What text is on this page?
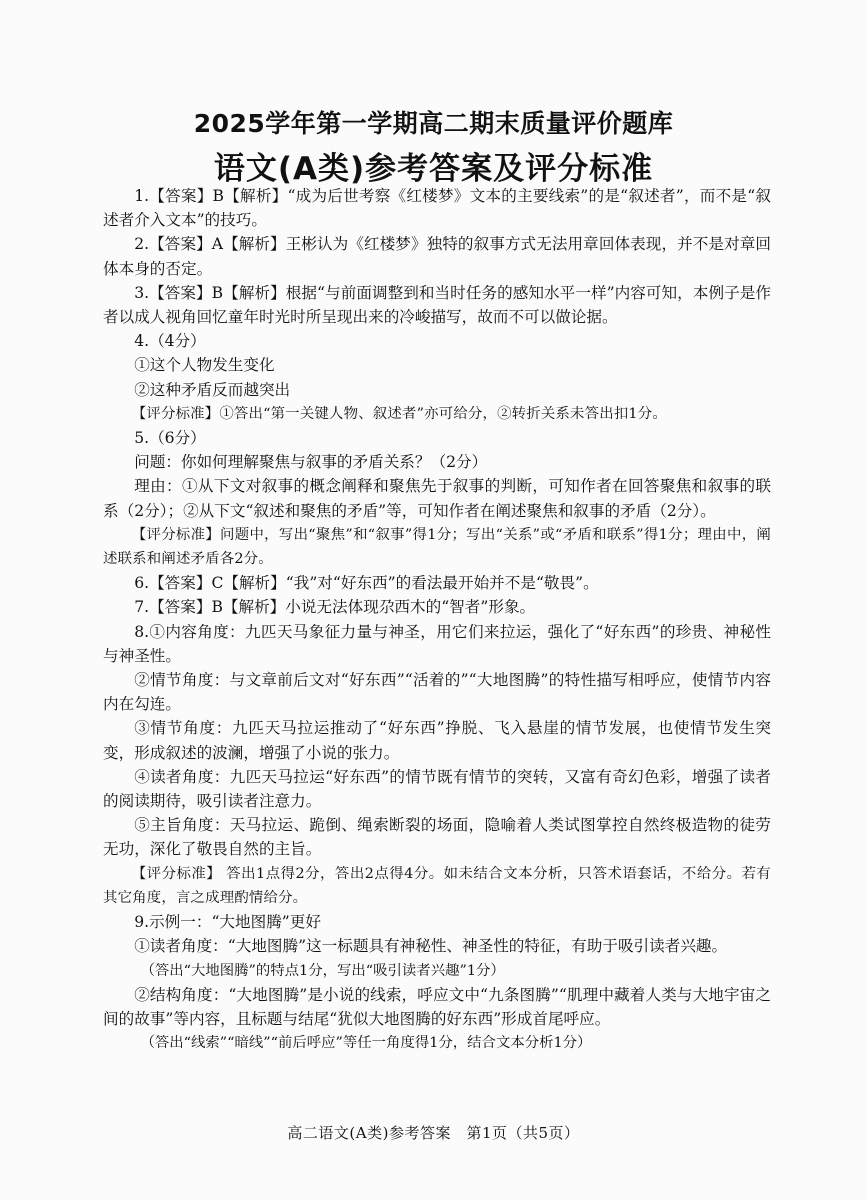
2025学年第一学期高二期末质量评价题库
语文(A类)参考答案及评分标准

1.【答案】B【解析】“成为后世考察《红楼梦》文本的主要线索”的是“叙述者”，而不是“叙述者介入文本”的技巧。

2.【答案】A【解析】王彬认为《红楼梦》独特的叙事方式无法用章回体表现，并不是对章回体本身的否定。

3.【答案】B【解析】根据“与前面调整到和当时任务的感知水平一样”内容可知，本例子是作者以成人视角回忆童年时光时所呈现出来的冷峻描写，故而不可以做论据。

4.（4分）

①这个人物发生变化

②这种矛盾反而越突出

【评分标准】①答出“第一关键人物、叙述者”亦可给分，②转折关系未答出扣1分。

5.（6分）

问题：你如何理解聚焦与叙事的矛盾关系？（2分）

理由：①从下文对叙事的概念阐释和聚焦先于叙事的判断，可知作者在回答聚焦和叙事的联系（2分）；②从下文“叙述和聚焦的矛盾”等，可知作者在阐述聚焦和叙事的矛盾（2分）。

【评分标准】问题中，写出“聚焦”和“叙事”得1分；写出“关系”或“矛盾和联系”得1分；理由中，阐述联系和阐述矛盾各2分。

6.【答案】C【解析】“我”对“好东西”的看法最开始并不是“敬畏”。

7.【答案】B【解析】小说无法体现尕西木的“智者”形象。

8.①内容角度：九匹天马象征力量与神圣，用它们来拉运，强化了“好东西”的珍贵、神秘性与神圣性。

②情节角度：与文章前后文对“好东西”“活着的”“大地图腾”的特性描写相呼应，使情节内容内在勾连。

③情节角度：九匹天马拉运推动了“好东西”挣脱、飞入悬崖的情节发展，也使情节发生突变，形成叙述的波澜，增强了小说的张力。

④读者角度：九匹天马拉运“好东西”的情节既有情节的突转，又富有奇幻色彩，增强了读者的阅读期待，吸引读者注意力。

⑤主旨角度：天马拉运、跪倒、绳索断裂的场面，隐喻着人类试图掌控自然终极造物的徒劳无功，深化了敬畏自然的主旨。

【评分标准】 答出1点得2分，答出2点得4分。如未结合文本分析，只答术语套话，不给分。若有其它角度，言之成理酌情给分。

9.示例一：“大地图腾”更好

①读者角度：“大地图腾”这一标题具有神秘性、神圣性的特征，有助于吸引读者兴趣。

（答出“大地图腾”的特点1分，写出“吸引读者兴趣”1分）

②结构角度：“大地图腾”是小说的线索，呼应文中“九条图腾”“肌理中藏着人类与大地宇宙之间的故事”等内容，且标题与结尾“犹似大地图腾的好东西”形成首尾呼应。

（答出“线索”“暗线”“前后呼应”等任一角度得1分，结合文本分析1分）

高二语文(A类)参考答案　第1页（共5页）
